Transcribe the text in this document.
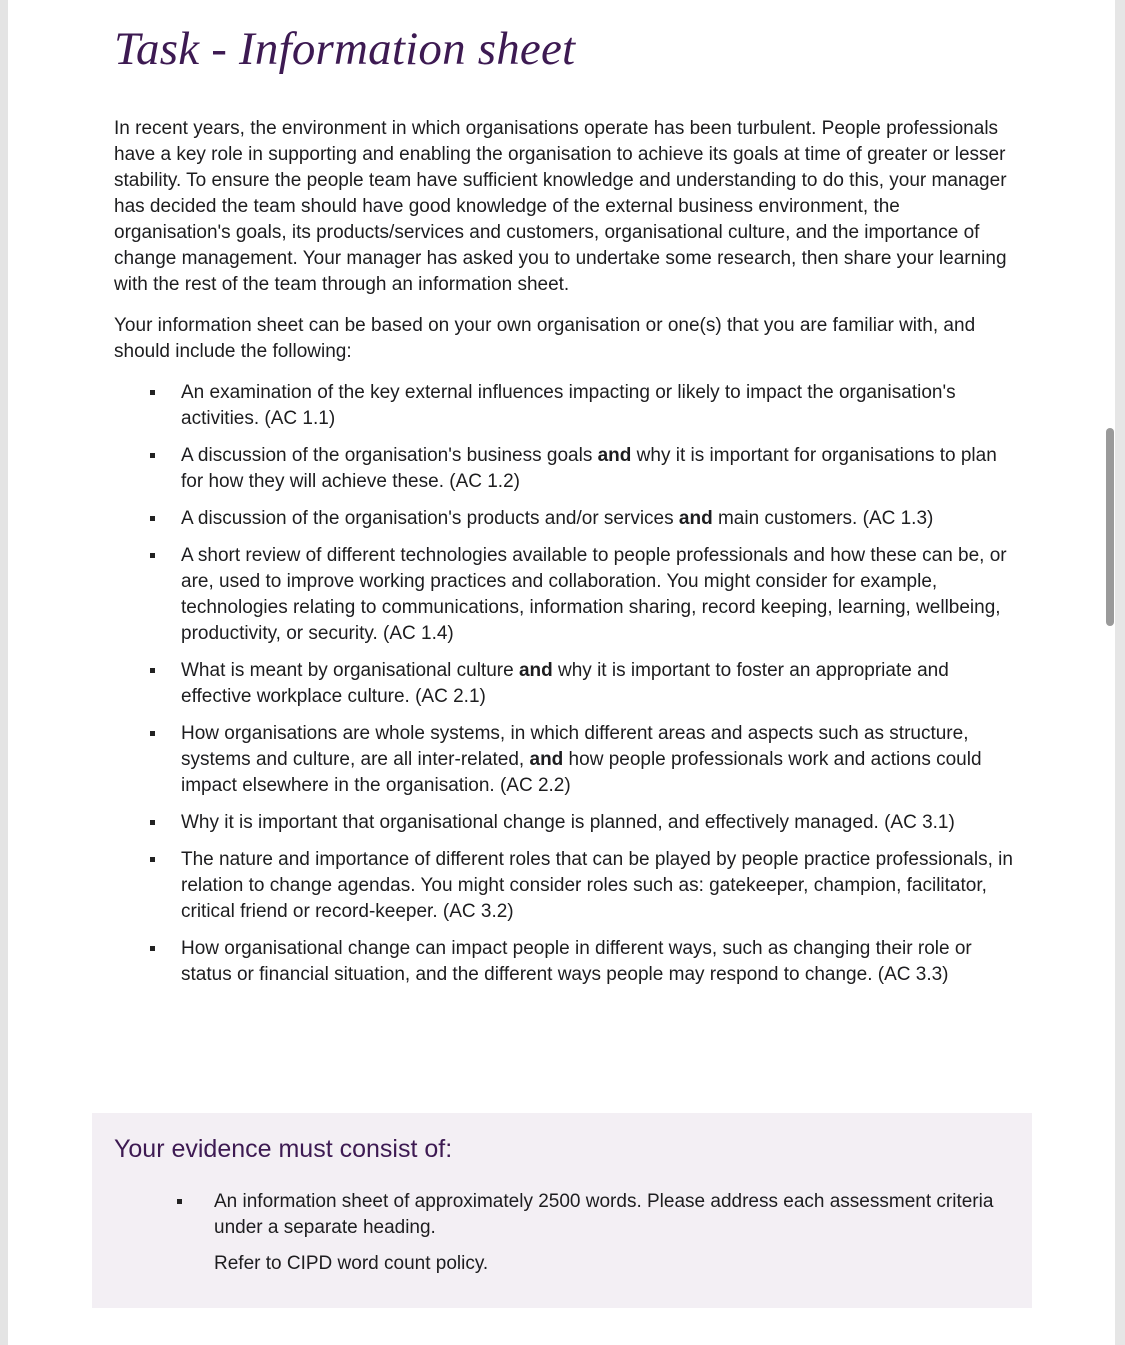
Task - Information sheet

In recent years, the environment in which organisations operate has been turbulent. People professionals have a key role in supporting and enabling the organisation to achieve its goals at time of greater or lesser stability. To ensure the people team have sufficient knowledge and understanding to do this, your manager has decided the team should have good knowledge of the external business environment, the organisation's goals, its products/services and customers, organisational culture, and the importance of change management. Your manager has asked you to undertake some research, then share your learning with the rest of the team through an information sheet.

Your information sheet can be based on your own organisation or one(s) that you are familiar with, and should include the following:

An examination of the key external influences impacting or likely to impact the organisation's activities. (AC 1.1)
A discussion of the organisation's business goals and why it is important for organisations to plan for how they will achieve these. (AC 1.2)
A discussion of the organisation's products and/or services and main customers. (AC 1.3)
A short review of different technologies available to people professionals and how these can be, or are, used to improve working practices and collaboration. You might consider for example, technologies relating to communications, information sharing, record keeping, learning, wellbeing, productivity, or security. (AC 1.4)
What is meant by organisational culture and why it is important to foster an appropriate and effective workplace culture. (AC 2.1)
How organisations are whole systems, in which different areas and aspects such as structure, systems and culture, are all inter-related, and how people professionals work and actions could impact elsewhere in the organisation. (AC 2.2)
Why it is important that organisational change is planned, and effectively managed. (AC 3.1)
The nature and importance of different roles that can be played by people practice professionals, in relation to change agendas. You might consider roles such as: gatekeeper, champion, facilitator, critical friend or record-keeper. (AC 3.2)
How organisational change can impact people in different ways, such as changing their role or status or financial situation, and the different ways people may respond to change. (AC 3.3)
Your evidence must consist of:
An information sheet of approximately 2500 words. Please address each assessment criteria under a separate heading.
Refer to CIPD word count policy.
